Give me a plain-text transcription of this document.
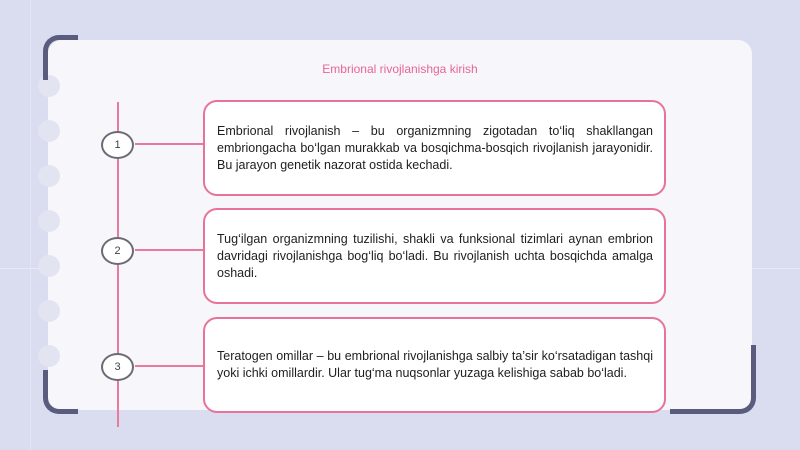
Embrional rivojlanishga kirish
1
Embrional rivojlanish – bu organizmning zigotadan to‘liq shakllangan embriongacha bo‘lgan murakkab va bosqichma-bosqich rivojlanish jarayonidir. Bu jarayon genetik nazorat ostida kechadi.
2
Tug‘ilgan organizmning tuzilishi, shakli va funksional tizimlari aynan embrion davridagi rivojlanishga bog‘liq bo‘ladi. Bu rivojlanish uchta bosqichda amalga oshadi.
3
Teratogen omillar – bu embrional rivojlanishga salbiy ta’sir ko‘rsatadigan tashqi yoki ichki omillardir. Ular tug‘ma nuqsonlar yuzaga kelishiga sabab bo‘ladi.
